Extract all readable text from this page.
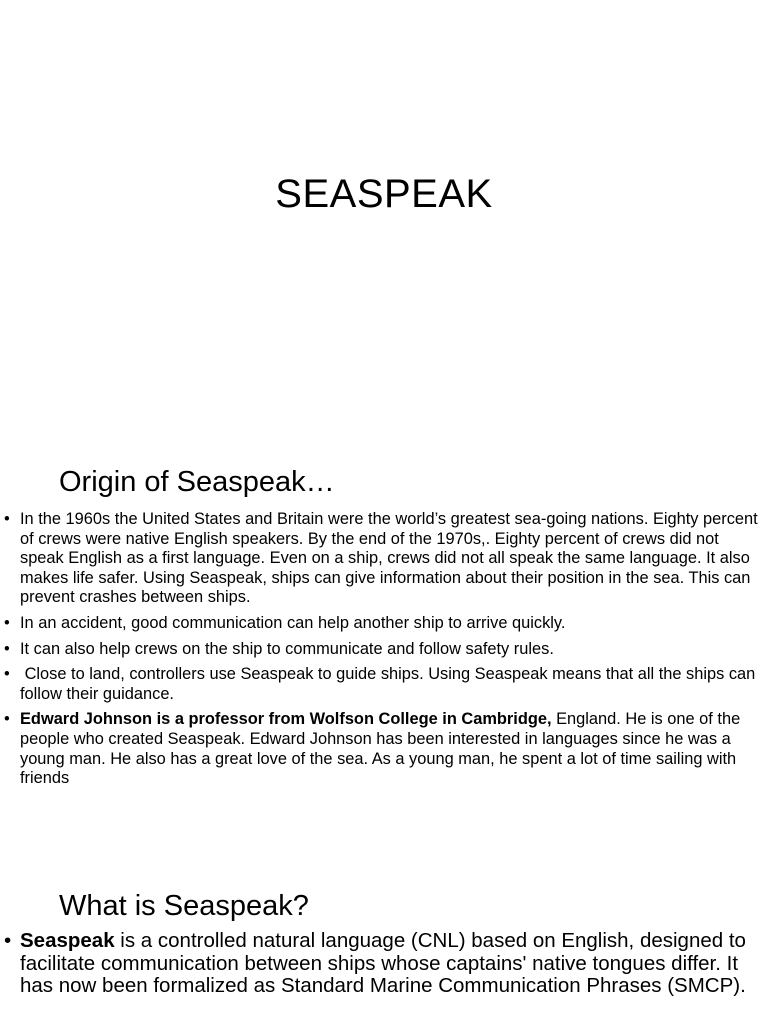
SEASPEAK
Origin of Seaspeak…
• In the 1960s the United States and Britain were the world’s greatest sea-going nations. Eighty percent of crews were native English speakers. By the end of the 1970s,. Eighty percent of crews did not speak English as a first language. Even on a ship, crews did not all speak the same language. It also makes life safer. Using Seaspeak, ships can give information about their position in the sea. This can prevent crashes between ships.
• In an accident, good communication can help another ship to arrive quickly.
• It can also help crews on the ship to communicate and follow safety rules.
• Close to land, controllers use Seaspeak to guide ships. Using Seaspeak means that all the ships can follow their guidance.
• Edward Johnson is a professor from Wolfson College in Cambridge, England. He is one of the people who created Seaspeak. Edward Johnson has been interested in languages since he was a young man. He also has a great love of the sea. As a young man, he spent a lot of time sailing with friends
What is Seaspeak?
• Seaspeak is a controlled natural language (CNL) based on English, designed to facilitate communication between ships whose captains' native tongues differ. It has now been formalized as Standard Marine Communication Phrases (SMCP).
